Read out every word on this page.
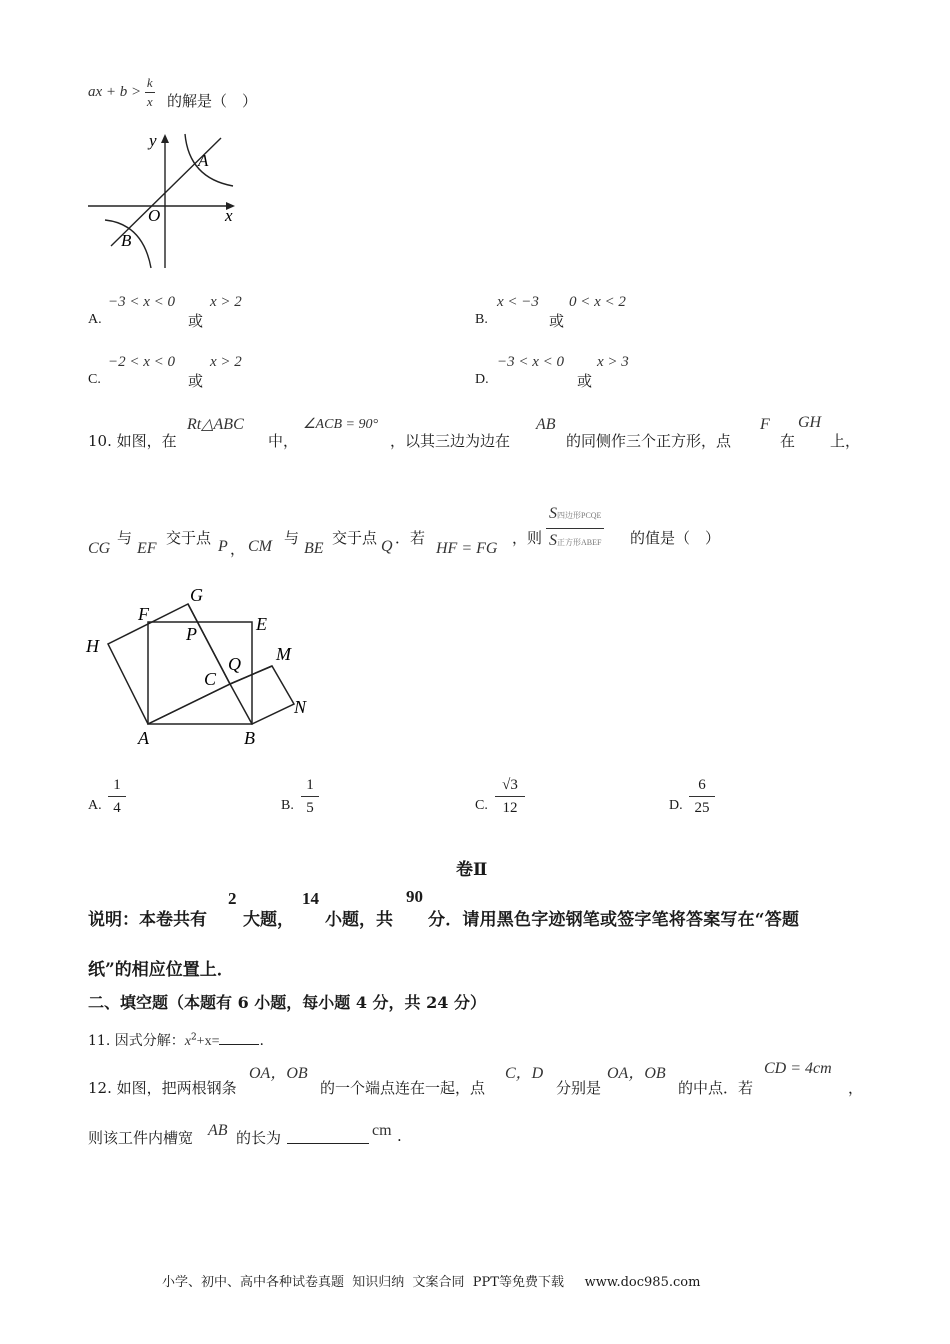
ax + $b > \frac{k}{x}$ 的解是（　）
y
A
O	x
B
A.
−3 < x < 0
或
x > 2
B.
x < −3
或
0 < x < 2
C.
−2 < x < 0
或
x > 2
D.
−3 < x < 0
或
x > 3
10. 如图，在
Rt△ABC
中，
∠ACB = 90°
，以其三边为边在
AB
的同侧作三个正方形，点
F
在
GH
上，
CG
与
EF
交于点 P ， CM 与
BE
交于点 Q ．若
HF = FG
，则
S四边形PCQE
S正方形ABEF 的值是（　）
G
F	E
H
P
M
Q
C
N
A	B
A. $\frac{1}{4}$	B. $\frac{1}{5}$	C. $\frac{√3}{12}$	D. $\frac{6}{25}$
卷Ⅱ
说明：本卷共有
2
大题，
14
小题，共
90
分．请用黑色字迹钢笔或签字笔将答案写在“答题
纸”的相应位置上．
二、填空题（本题有 6 小题，每小题 4 分，共 24 分）
11. 因式分解：$x^2+x=$	.
12. 如图，把两根钢条
OA，OB
的一个端点连在一起，点
C，D
分别是
OA，OB
的中点．若
CD = 4cm
，
则该工件内槽宽 AB 的长为	cm .
小学、初中、高中各种试卷真题  知识归纳  文案合同  PPT等免费下载     www.doc985.com
